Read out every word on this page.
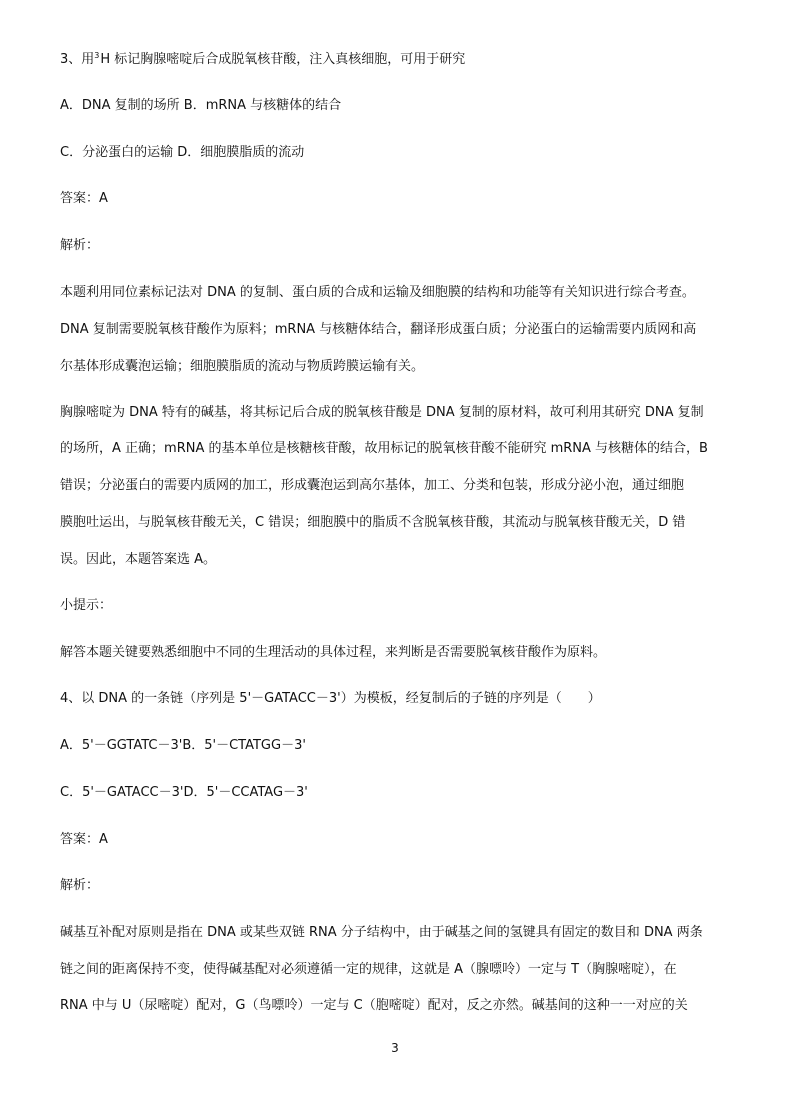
3、用$^3$H 标记胸腺嘧啶后合成脱氧核苷酸，注入真核细胞，可用于研究
A．DNA 复制的场所 B．mRNA 与核糖体的结合
C．分泌蛋白的运输 D．细胞膜脂质的流动
答案：A
解析：
本题利用同位素标记法对 DNA 的复制、蛋白质的合成和运输及细胞膜的结构和功能等有关知识进行综合考查。
DNA 复制需要脱氧核苷酸作为原料；mRNA 与核糖体结合，翻译形成蛋白质；分泌蛋白的运输需要内质网和高
尔基体形成囊泡运输；细胞膜脂质的流动与物质跨膜运输有关。
胸腺嘧啶为 DNA 特有的碱基，将其标记后合成的脱氧核苷酸是 DNA 复制的原材料，故可利用其研究 DNA 复制
的场所，A 正确；mRNA 的基本单位是核糖核苷酸，故用标记的脱氧核苷酸不能研究 mRNA 与核糖体的结合，B
错误；分泌蛋白的需要内质网的加工，形成囊泡运到高尔基体，加工、分类和包装，形成分泌小泡，通过细胞
膜胞吐运出，与脱氧核苷酸无关，C 错误；细胞膜中的脂质不含脱氧核苷酸，其流动与脱氧核苷酸无关，D 错
误。因此，本题答案选 A。
小提示：
解答本题关键要熟悉细胞中不同的生理活动的具体过程，来判断是否需要脱氧核苷酸作为原料。
4、以 DNA 的一条链（序列是 5'－GATACC－3'）为模板，经复制后的子链的序列是（　　）
A．5'－GGTATC－3'B．5'－CTATGG－3'
C．5'－GATACC－3'D．5'－CCATAG－3'
答案：A
解析：
碱基互补配对原则是指在 DNA 或某些双链 RNA 分子结构中，由于碱基之间的氢键具有固定的数目和 DNA 两条
链之间的距离保持不变，使得碱基配对必须遵循一定的规律，这就是 A（腺嘌呤）一定与 T（胸腺嘧啶），在
RNA 中与 U（尿嘧啶）配对，G（鸟嘌呤）一定与 C（胞嘧啶）配对，反之亦然。碱基间的这种一一对应的关
3
